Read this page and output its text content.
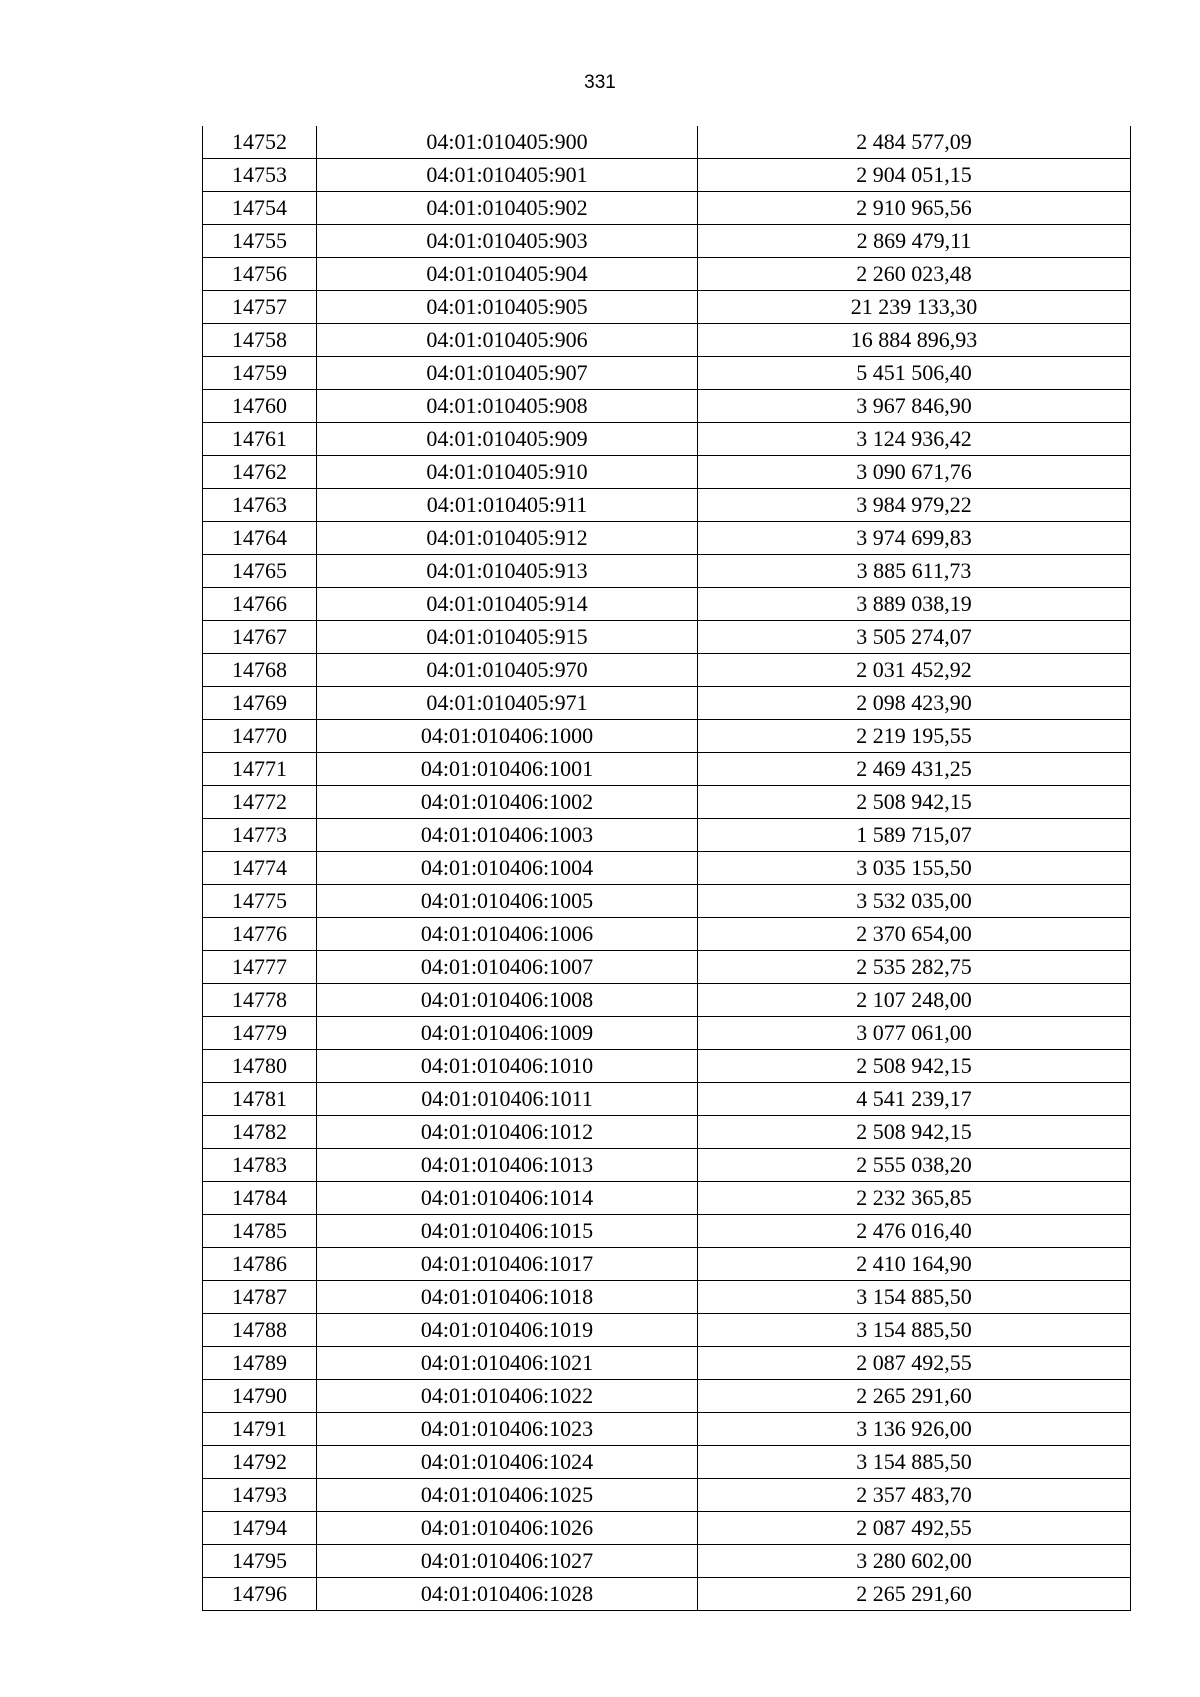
331
14752	04:01:010405:900	2 484 577,09
14753	04:01:010405:901	2 904 051,15
14754	04:01:010405:902	2 910 965,56
14755	04:01:010405:903	2 869 479,11
14756	04:01:010405:904	2 260 023,48
14757	04:01:010405:905	21 239 133,30
14758	04:01:010405:906	16 884 896,93
14759	04:01:010405:907	5 451 506,40
14760	04:01:010405:908	3 967 846,90
14761	04:01:010405:909	3 124 936,42
14762	04:01:010405:910	3 090 671,76
14763	04:01:010405:911	3 984 979,22
14764	04:01:010405:912	3 974 699,83
14765	04:01:010405:913	3 885 611,73
14766	04:01:010405:914	3 889 038,19
14767	04:01:010405:915	3 505 274,07
14768	04:01:010405:970	2 031 452,92
14769	04:01:010405:971	2 098 423,90
14770	04:01:010406:1000	2 219 195,55
14771	04:01:010406:1001	2 469 431,25
14772	04:01:010406:1002	2 508 942,15
14773	04:01:010406:1003	1 589 715,07
14774	04:01:010406:1004	3 035 155,50
14775	04:01:010406:1005	3 532 035,00
14776	04:01:010406:1006	2 370 654,00
14777	04:01:010406:1007	2 535 282,75
14778	04:01:010406:1008	2 107 248,00
14779	04:01:010406:1009	3 077 061,00
14780	04:01:010406:1010	2 508 942,15
14781	04:01:010406:1011	4 541 239,17
14782	04:01:010406:1012	2 508 942,15
14783	04:01:010406:1013	2 555 038,20
14784	04:01:010406:1014	2 232 365,85
14785	04:01:010406:1015	2 476 016,40
14786	04:01:010406:1017	2 410 164,90
14787	04:01:010406:1018	3 154 885,50
14788	04:01:010406:1019	3 154 885,50
14789	04:01:010406:1021	2 087 492,55
14790	04:01:010406:1022	2 265 291,60
14791	04:01:010406:1023	3 136 926,00
14792	04:01:010406:1024	3 154 885,50
14793	04:01:010406:1025	2 357 483,70
14794	04:01:010406:1026	2 087 492,55
14795	04:01:010406:1027	3 280 602,00
14796	04:01:010406:1028	2 265 291,60
